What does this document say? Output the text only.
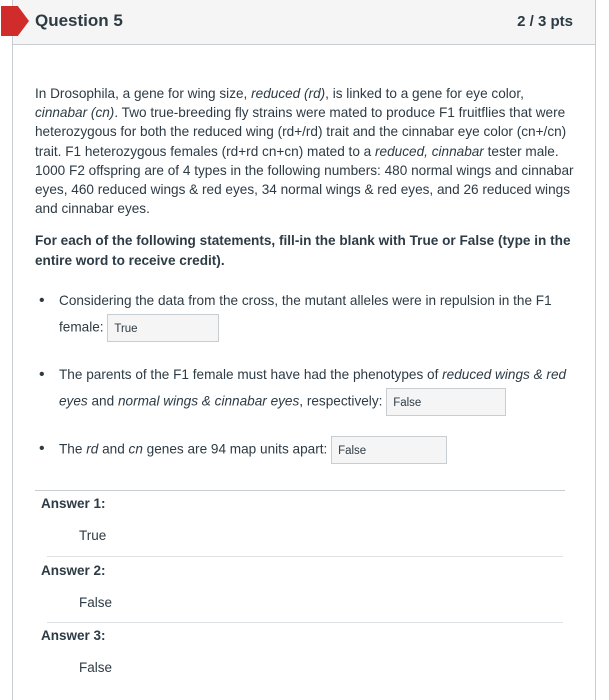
Question 5	2 / 3 pts

In Drosophila, a gene for wing size, reduced (rd), is linked to a gene for eye color, cinnabar (cn). Two true-breeding fly strains were mated to produce F1 fruitflies that were heterozygous for both the reduced wing (rd+/rd) trait and the cinnabar eye color (cn+/cn) trait. F1 heterozygous females (rd+rd cn+cn) mated to a reduced, cinnabar tester male. 1000 F2 offspring are of 4 types in the following numbers: 480 normal wings and cinnabar eyes, 460 reduced wings & red eyes, 34 normal wings & red eyes, and 26 reduced wings and cinnabar eyes.

For each of the following statements, fill-in the blank with True or False (type in the entire word to receive credit).

• Considering the data from the cross, the mutant alleles were in repulsion in the F1 female: True
• The parents of the F1 female must have had the phenotypes of reduced wings & red eyes and normal wings & cinnabar eyes, respectively: False
• The rd and cn genes are 94 map units apart: False
Answer 1:
True
Answer 2:
False
Answer 3:
False
